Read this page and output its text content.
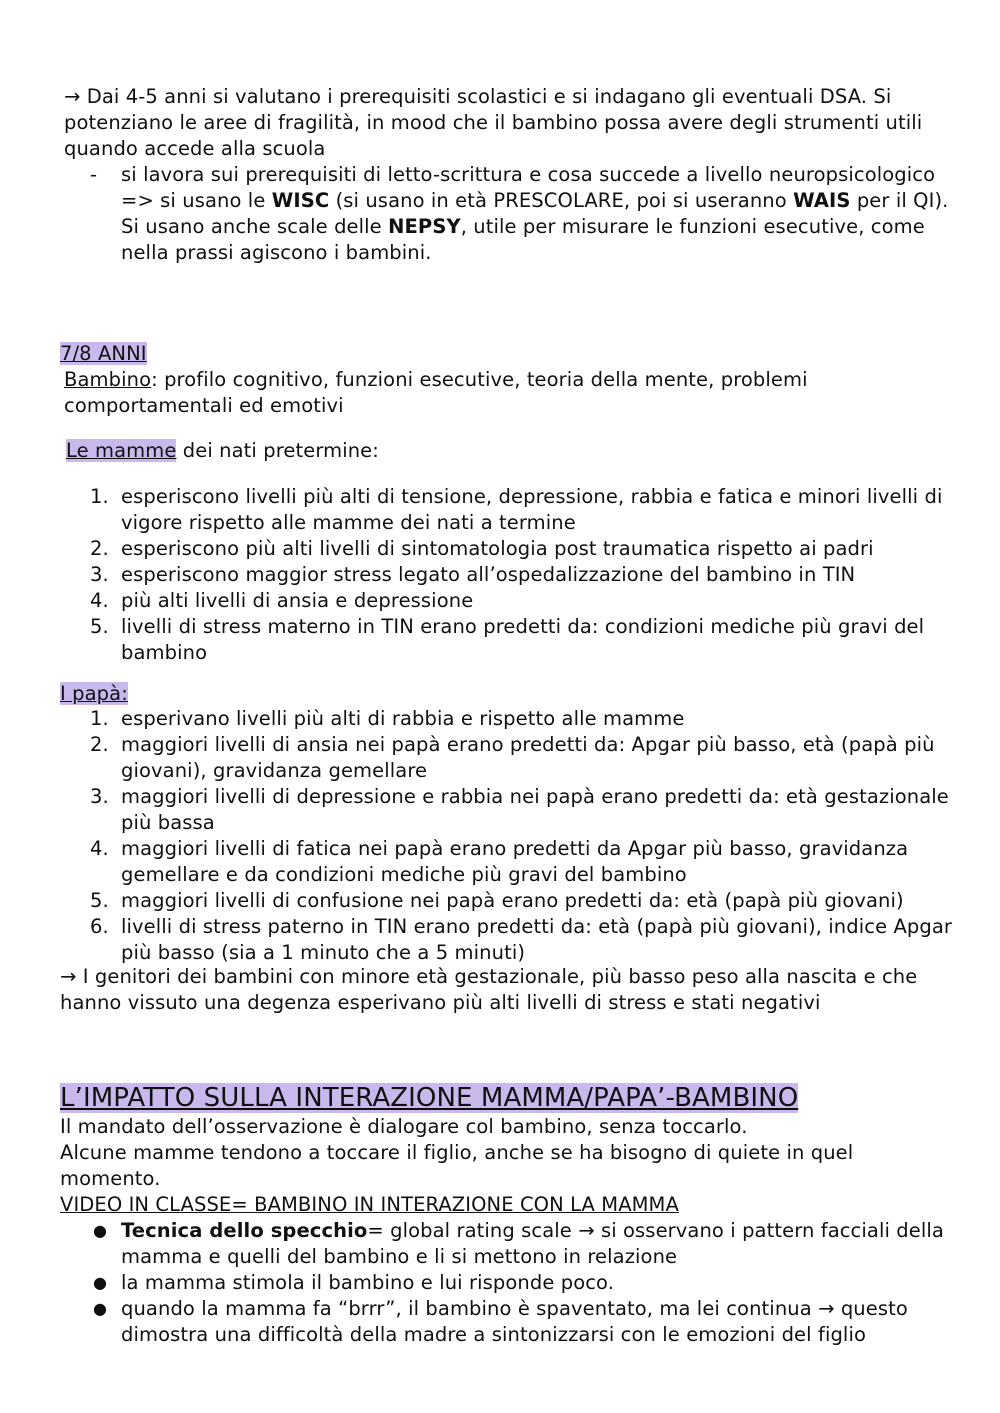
→ Dai 4-5 anni si valutano i prerequisiti scolastici e si indagano gli eventuali DSA. Si potenziano le aree di fragilità, in mood che il bambino possa avere degli strumenti utili quando accede alla scuola

- si lavora sui prerequisiti di letto-scrittura e cosa succede a livello neuropsicologico => si usano le WISC (si usano in età PRESCOLARE, poi si useranno WAIS per il QI). Si usano anche scale delle NEPSY, utile per misurare le funzioni esecutive, come nella prassi agiscono i bambini.

7/8 ANNI

Bambino: profilo cognitivo, funzioni esecutive, teoria della mente, problemi comportamentali ed emotivi

Le mamme dei nati pretermine:

1. esperiscono livelli più alti di tensione, depressione, rabbia e fatica e minori livelli di vigore rispetto alle mamme dei nati a termine
2. esperiscono più alti livelli di sintomatologia post traumatica rispetto ai padri
3. esperiscono maggior stress legato all’ospedalizzazione del bambino in TIN
4. più alti livelli di ansia e depressione
5. livelli di stress materno in TIN erano predetti da: condizioni mediche più gravi del bambino

I papà:

1. esperivano livelli più alti di rabbia e rispetto alle mamme
2. maggiori livelli di ansia nei papà erano predetti da: Apgar più basso, età (papà più giovani), gravidanza gemellare
3. maggiori livelli di depressione e rabbia nei papà erano predetti da: età gestazionale più bassa
4. maggiori livelli di fatica nei papà erano predetti da Apgar più basso, gravidanza gemellare e da condizioni mediche più gravi del bambino
5. maggiori livelli di confusione nei papà erano predetti da: età (papà più giovani)
6. livelli di stress paterno in TIN erano predetti da: età (papà più giovani), indice Apgar più basso (sia a 1 minuto che a 5 minuti)

→ I genitori dei bambini con minore età gestazionale, più basso peso alla nascita e che hanno vissuto una degenza esperivano più alti livelli di stress e stati negativi

L’IMPATTO SULLA INTERAZIONE MAMMA/PAPA’-BAMBINO

Il mandato dell’osservazione è dialogare col bambino, senza toccarlo.

Alcune mamme tendono a toccare il figlio, anche se ha bisogno di quiete in quel momento.

VIDEO IN CLASSE= BAMBINO IN INTERAZIONE CON LA MAMMA

● Tecnica dello specchio= global rating scale → si osservano i pattern facciali della mamma e quelli del bambino e li si mettono in relazione
● la mamma stimola il bambino e lui risponde poco.
● quando la mamma fa “brrr”, il bambino è spaventato, ma lei continua → questo dimostra una difficoltà della madre a sintonizzarsi con le emozioni del figlio
